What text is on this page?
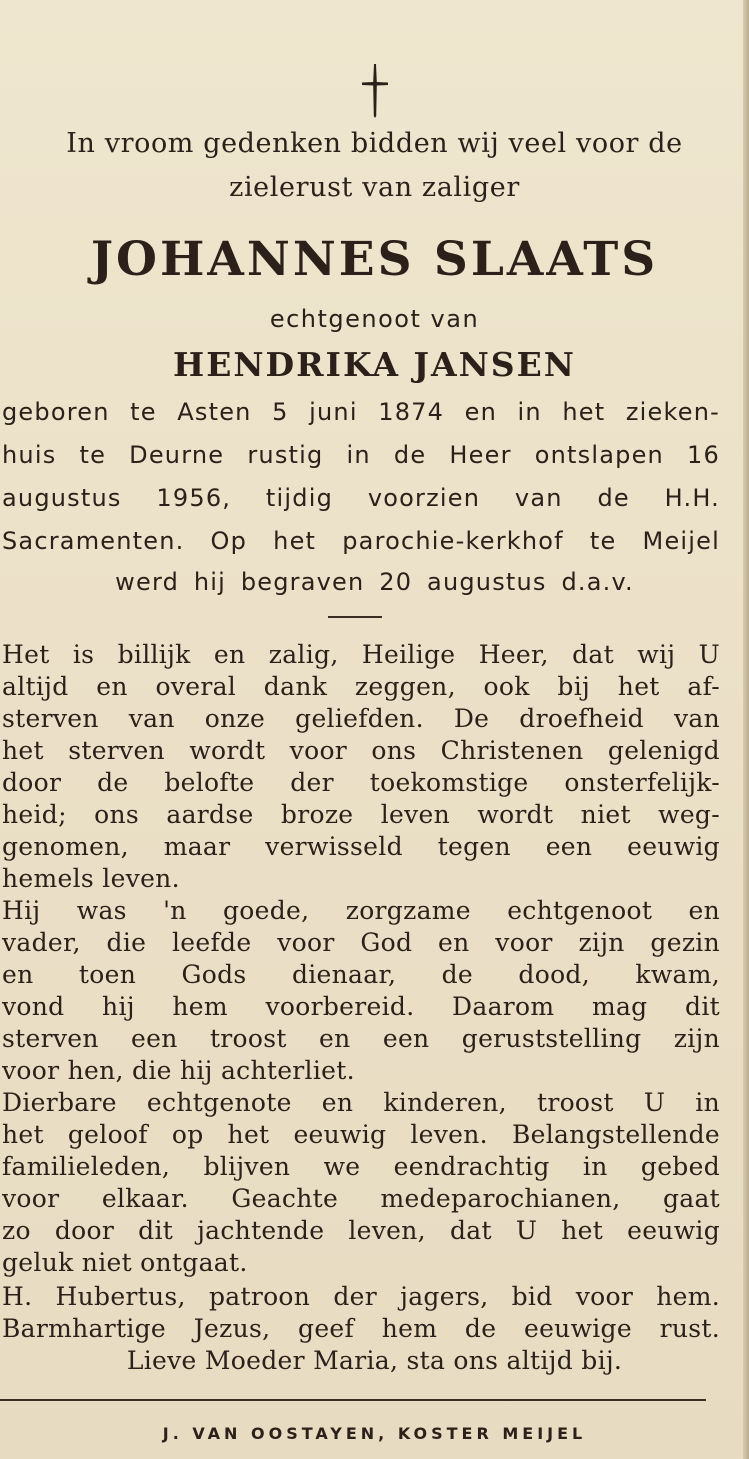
In vroom gedenken bidden wij veel voor de
zielerust van zaliger
JOHANNES SLAATS
echtgenoot van
HENDRIKA JANSEN
geboren te Asten 5 juni 1874 en in het zieken-
huis te Deurne rustig in de Heer ontslapen 16
augustus 1956, tijdig voorzien van de H.H.
Sacramenten. Op het parochie-kerkhof te Meijel
werd hij begraven 20 augustus d.a.v.
Het is billijk en zalig, Heilige Heer, dat wij U
altijd en overal dank zeggen, ook bij het af-
sterven van onze geliefden. De droefheid van
het sterven wordt voor ons Christenen gelenigd
door de belofte der toekomstige onsterfelijk-
heid; ons aardse broze leven wordt niet weg-
genomen, maar verwisseld tegen een eeuwig
hemels leven.
Hij was 'n goede, zorgzame echtgenoot en
vader, die leefde voor God en voor zijn gezin
en toen Gods dienaar, de dood, kwam,
vond hij hem voorbereid. Daarom mag dit
sterven een troost en een geruststelling zijn
voor hen, die hij achterliet.
Dierbare echtgenote en kinderen, troost U in
het geloof op het eeuwig leven. Belangstellende
familieleden, blijven we eendrachtig in gebed
voor elkaar. Geachte medeparochianen, gaat
zo door dit jachtende leven, dat U het eeuwig
geluk niet ontgaat.
H. Hubertus, patroon der jagers, bid voor hem.
Barmhartige Jezus, geef hem de eeuwige rust.
Lieve Moeder Maria, sta ons altijd bij.
J. VAN OOSTAYEN, KOSTER MEIJEL
